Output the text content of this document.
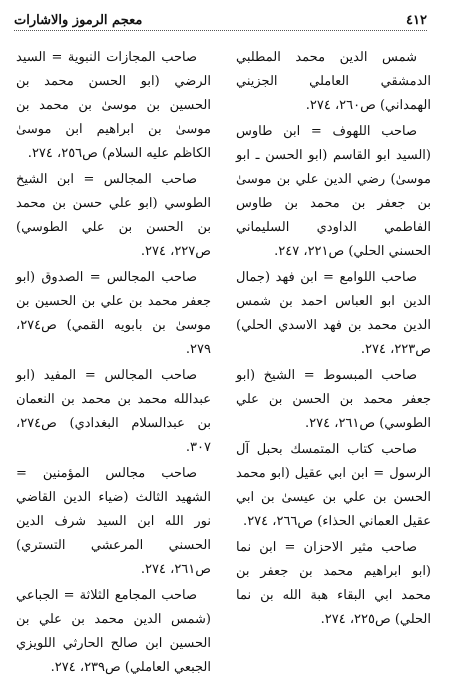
٤١٢
معجم الرموز والاشارات

شمس الدين محمد المطلبي الدمشقي العاملي الجزيني الهمداني) ص٢٦٠، ٢٧٤.

صاحب اللهوف = ابن طاوس (السيد ابو القاسم (ابو الحسن ـ ابو موسىٰ) رضي الدين علي بن موسىٰ بن جعفر بن محمد بن طاوس الفاطمي الداودي السليماني الحسني الحلي) ص٢٢١، ٢٤٧.

صاحب اللوامع = ابن فهد (جمال الدين ابو العباس احمد بن شمس الدين محمد بن فهد الاسدي الحلي) ص٢٢٣، ٢٧٤.

صاحب المبسوط = الشيخ (ابو جعفر محمد بن الحسن بن علي الطوسي) ص٢٦١، ٢٧٤.

صاحب كتاب المتمسك بحبل آل الرسول = ابن ابي عقيل (ابو محمد الحسن بن علي بن عيسىٰ بن ابي عقيل العماني الحذاء) ص٢٦٦، ٢٧٤.

صاحب مثير الاحزان = ابن نما (ابو ابراهيم محمد بن جعفر بن محمد ابي البقاء هبة الله بن نما الحلي) ص٢٢٥، ٢٧٤.

صاحب المجازات النبوية = السيد الرضي (ابو الحسن محمد بن الحسين بن موسىٰ بن محمد بن موسىٰ بن ابراهيم ابن موسىٰ الكاظم عليه السلام) ص٢٥٦، ٢٧٤.

صاحب المجالس = ابن الشيخ الطوسي (ابو علي حسن بن محمد بن الحسن بن علي الطوسي) ص٢٢٧، ٢٧٤.

صاحب المجالس = الصدوق (ابو جعفر محمد بن علي بن الحسين بن موسىٰ بن بابويه القمي) ص٢٧٤، ٢٧٩.

صاحب المجالس = المفيد (ابو عبدالله محمد بن محمد بن النعمان بن عبدالسلام البغدادي) ص٢٧٤، ٣٠٧.

صاحب مجالس المؤمنين = الشهيد الثالث (ضياء الدين القاضي نور الله ابن السيد شرف الدين الحسني المرعشي التستري) ص٢٦١، ٢٧٤.

صاحب المجامع الثلاثة = الجباعي (شمس الدين محمد بن علي بن الحسين ابن صالح الحارثي اللويزي الجبعي العاملي) ص٢٣٩، ٢٧٤.
